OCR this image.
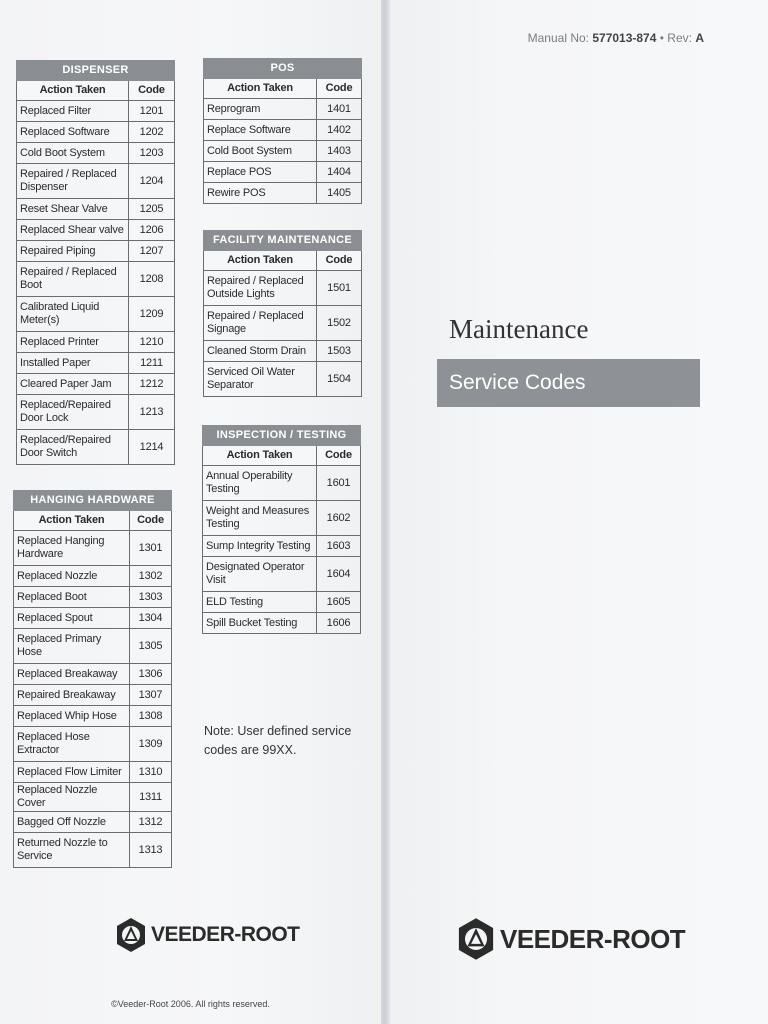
DISPENSER	
Action Taken	Code
Replaced Filter	1201
Replaced Software	1202
Cold Boot System	1203
Repaired / Replaced Dispenser	1204
Reset Shear Valve	1205
Replaced Shear valve	1206
Repaired Piping	1207
Repaired / Replaced Boot	1208
Calibrated Liquid Meter(s)	1209
Replaced Printer	1210
Installed Paper	1211
Cleared Paper Jam	1212
Replaced/Repaired Door Lock	1213
Replaced/Repaired Door Switch	1214
HANGING HARDWARE	
Action Taken	Code
Replaced Hanging Hardware	1301
Replaced Nozzle	1302
Replaced Boot	1303
Replaced Spout	1304
Replaced Primary Hose	1305
Replaced Breakaway	1306
Repaired Breakaway	1307
Replaced Whip Hose	1308
Replaced Hose Extractor	1309
Replaced Flow Limiter	1310
Replaced Nozzle Cover	1311
Bagged Off Nozzle	1312
Returned Nozzle to Service	1313
POS	
Action Taken	Code
Reprogram	1401
Replace Software	1402
Cold Boot System	1403
Replace POS	1404
Rewire POS	1405
FACILITY MAINTENANCE	
Action Taken	Code
Repaired / Replaced Outside Lights	1501
Repaired / Replaced Signage	1502
Cleaned Storm Drain	1503
Serviced Oil Water Separator	1504
INSPECTION / TESTING	
Action Taken	Code
Annual Operability Testing	1601
Weight and Measures Testing	1602
Sump Integrity Testing	1603
Designated Operator Visit	1604
ELD Testing	1605
Spill Bucket Testing	1606
Note: User defined service codes are 99XX.
VEEDER-ROOT
©Veeder-Root 2006. All rights reserved.
Manual No: 577013-874 • Rev: A
Maintenance
Service Codes
VEEDER-ROOT
